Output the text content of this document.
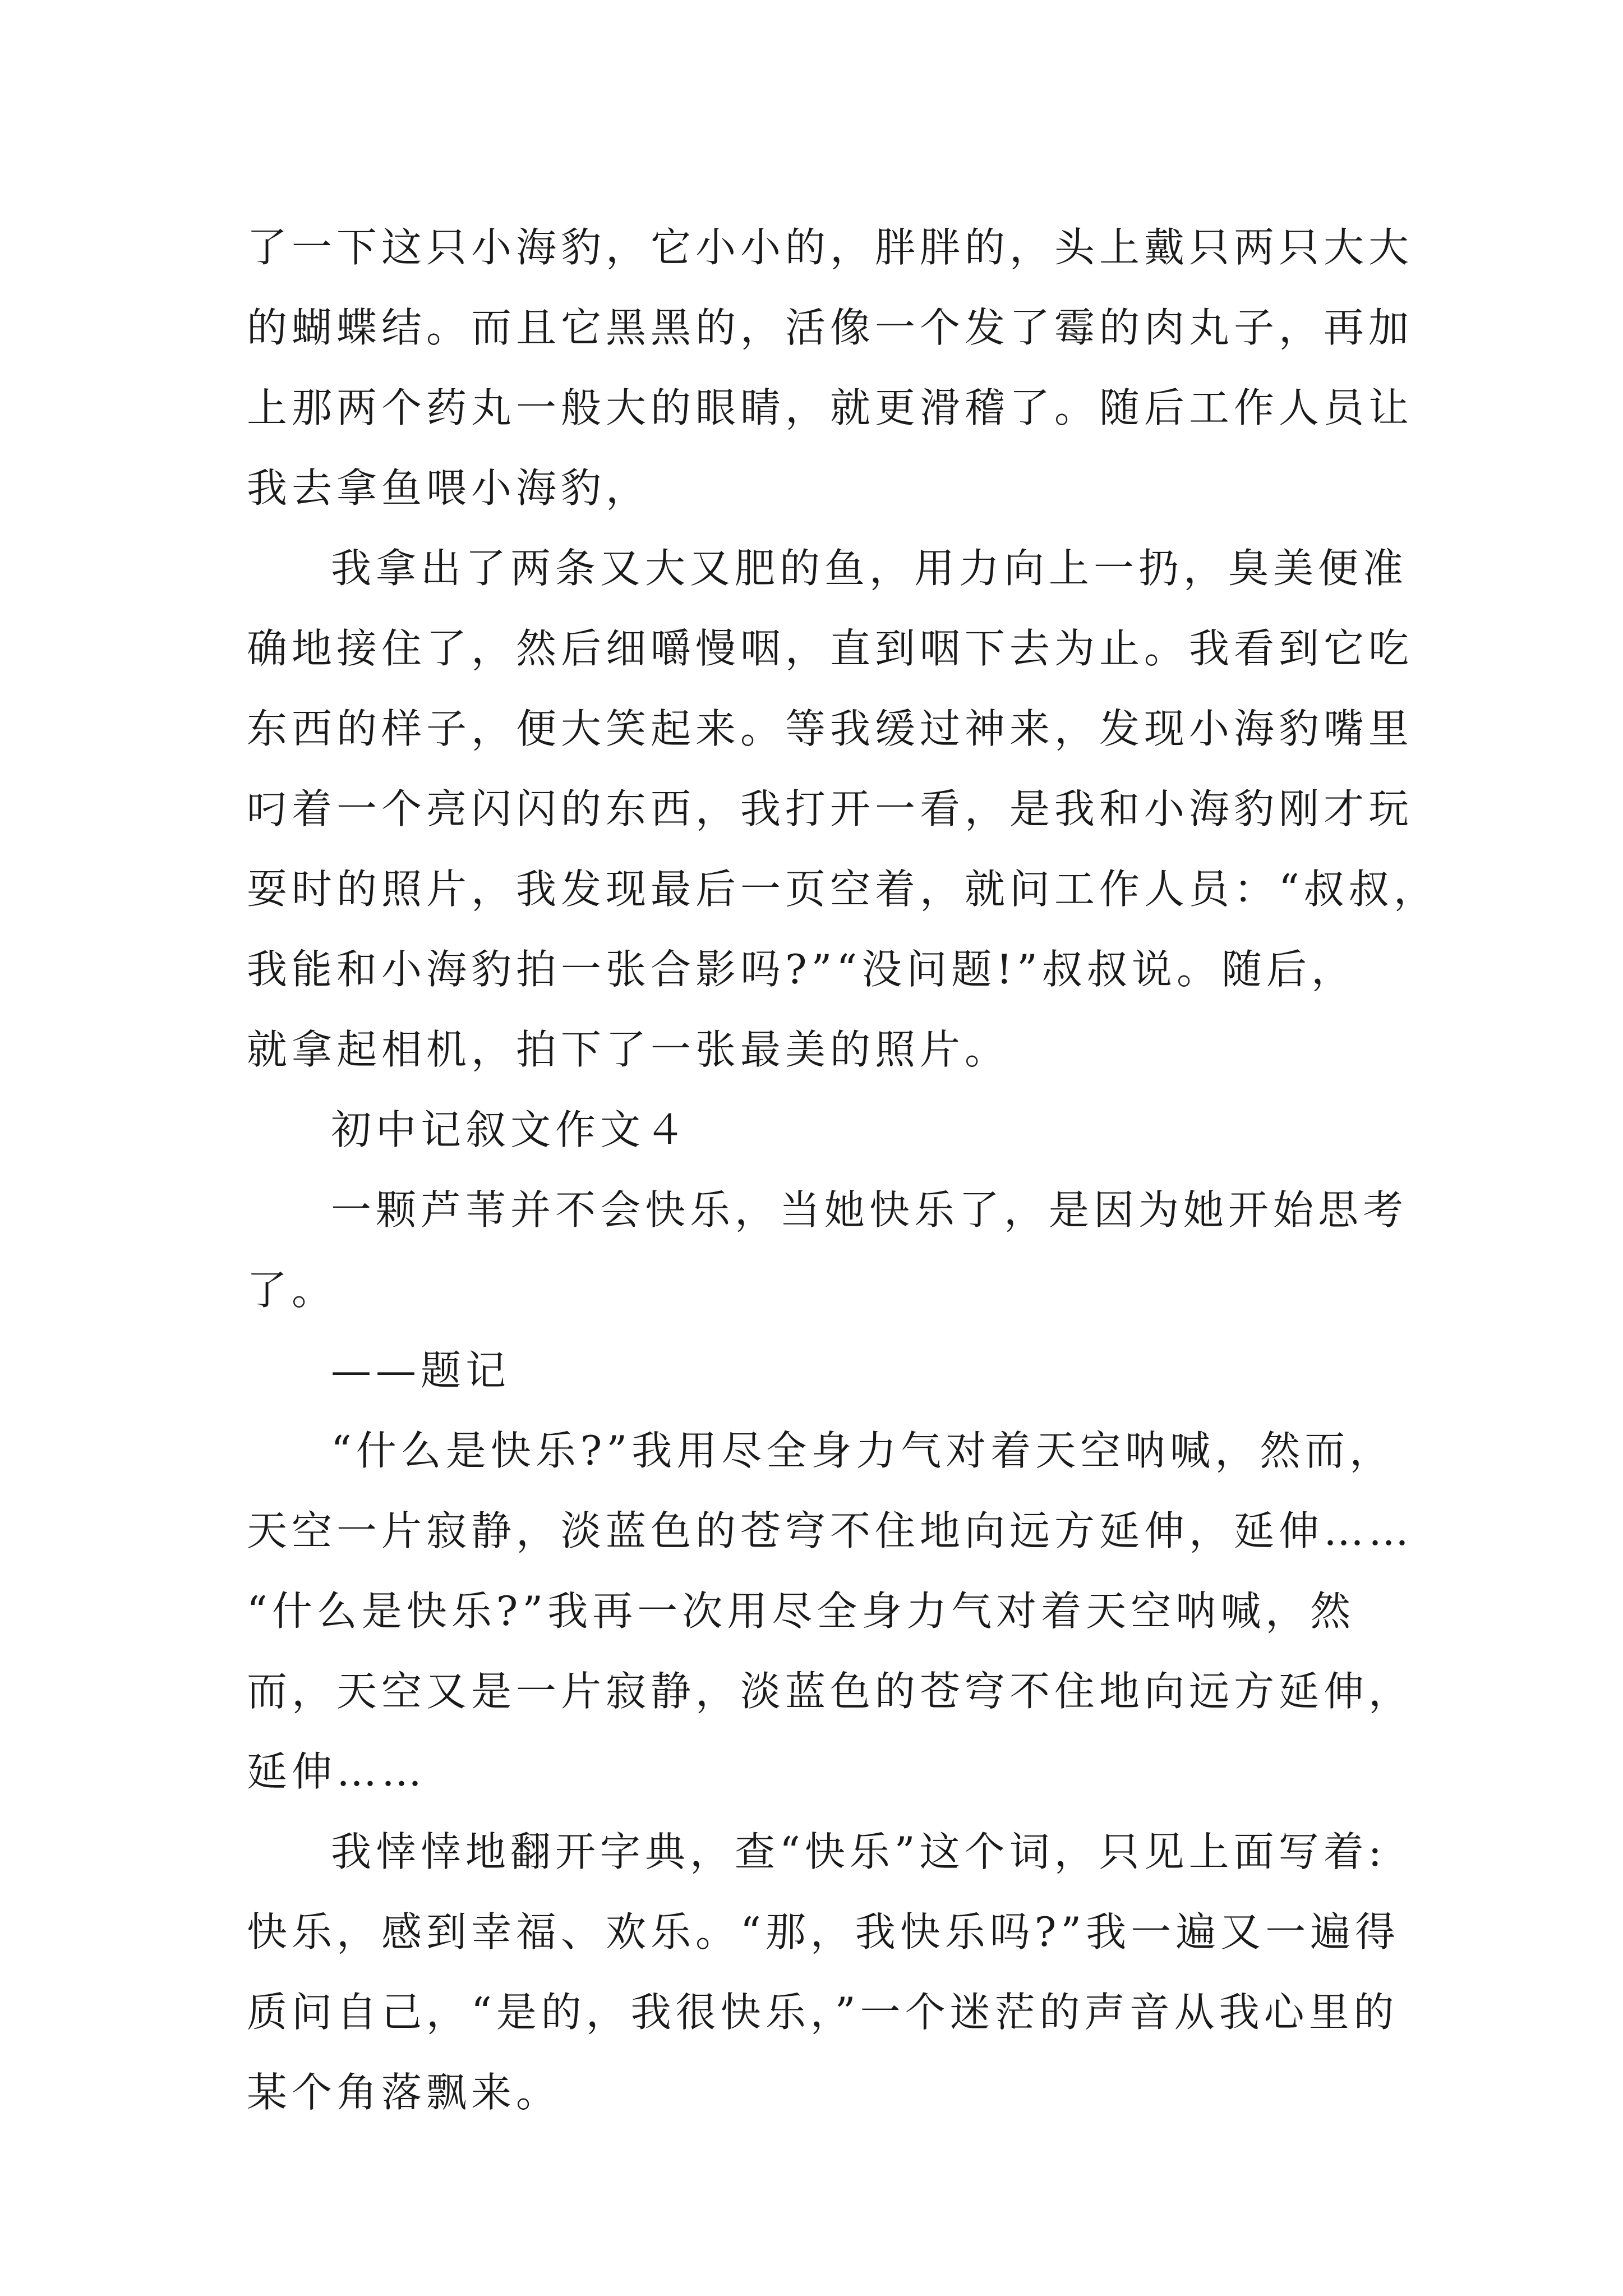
了一下这只小海豹，它小小的，胖胖的，头上戴只两只大大
的蝴蝶结。而且它黑黑的，活像一个发了霉的肉丸子，再加
上那两个药丸一般大的眼睛，就更滑稽了。随后工作人员让
我去拿鱼喂小海豹，
我拿出了两条又大又肥的鱼，用力向上一扔，臭美便准
确地接住了，然后细嚼慢咽，直到咽下去为止。我看到它吃
东西的样子，便大笑起来。等我缓过神来，发现小海豹嘴里
叼着一个亮闪闪的东西，我打开一看，是我和小海豹刚才玩
耍时的照片，我发现最后一页空着，就问工作人员：“叔叔，
我能和小海豹拍一张合影吗?”“没问题!”叔叔说。随后，
就拿起相机，拍下了一张最美的照片。
初中记叙文作文４
一颗芦苇并不会快乐，当她快乐了，是因为她开始思考
了。
——题记
“什么是快乐?”我用尽全身力气对着天空呐喊，然而，
天空一片寂静，淡蓝色的苍穹不住地向远方延伸，延伸……
“什么是快乐?”我再一次用尽全身力气对着天空呐喊，然
而，天空又是一片寂静，淡蓝色的苍穹不住地向远方延伸，
延伸……
我悻悻地翻开字典，查“快乐”这个词，只见上面写着:
快乐，感到幸福、欢乐。“那，我快乐吗?”我一遍又一遍得
质问自己，“是的，我很快乐，”一个迷茫的声音从我心里的
某个角落飘来。
